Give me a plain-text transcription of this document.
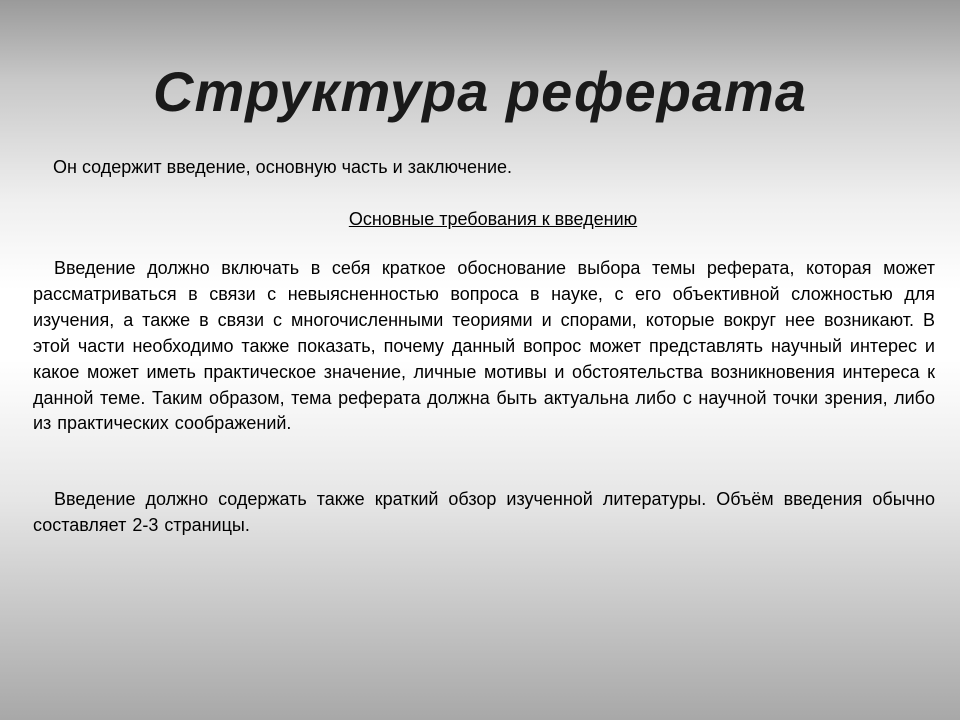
Структура реферата

Он содержит введение, основную часть и заключение.

Основные требования к введению

Введение должно включать в себя краткое обоснование выбора темы реферата, которая может рассматриваться в связи с невыясненностью вопроса в науке, с его объективной сложностью для изучения, а также в связи с многочисленными теориями и спорами, которые вокруг нее возникают. В этой части необходимо также показать, почему данный вопрос может представлять научный интерес и какое может иметь практическое значение, личные мотивы и обстоятельства возникновения интереса к данной теме. Таким образом, тема реферата должна быть актуальна либо с научной точки зрения, либо из практических соображений.

Введение должно содержать также краткий обзор изученной литературы. Объём введения обычно составляет 2-3 страницы.
